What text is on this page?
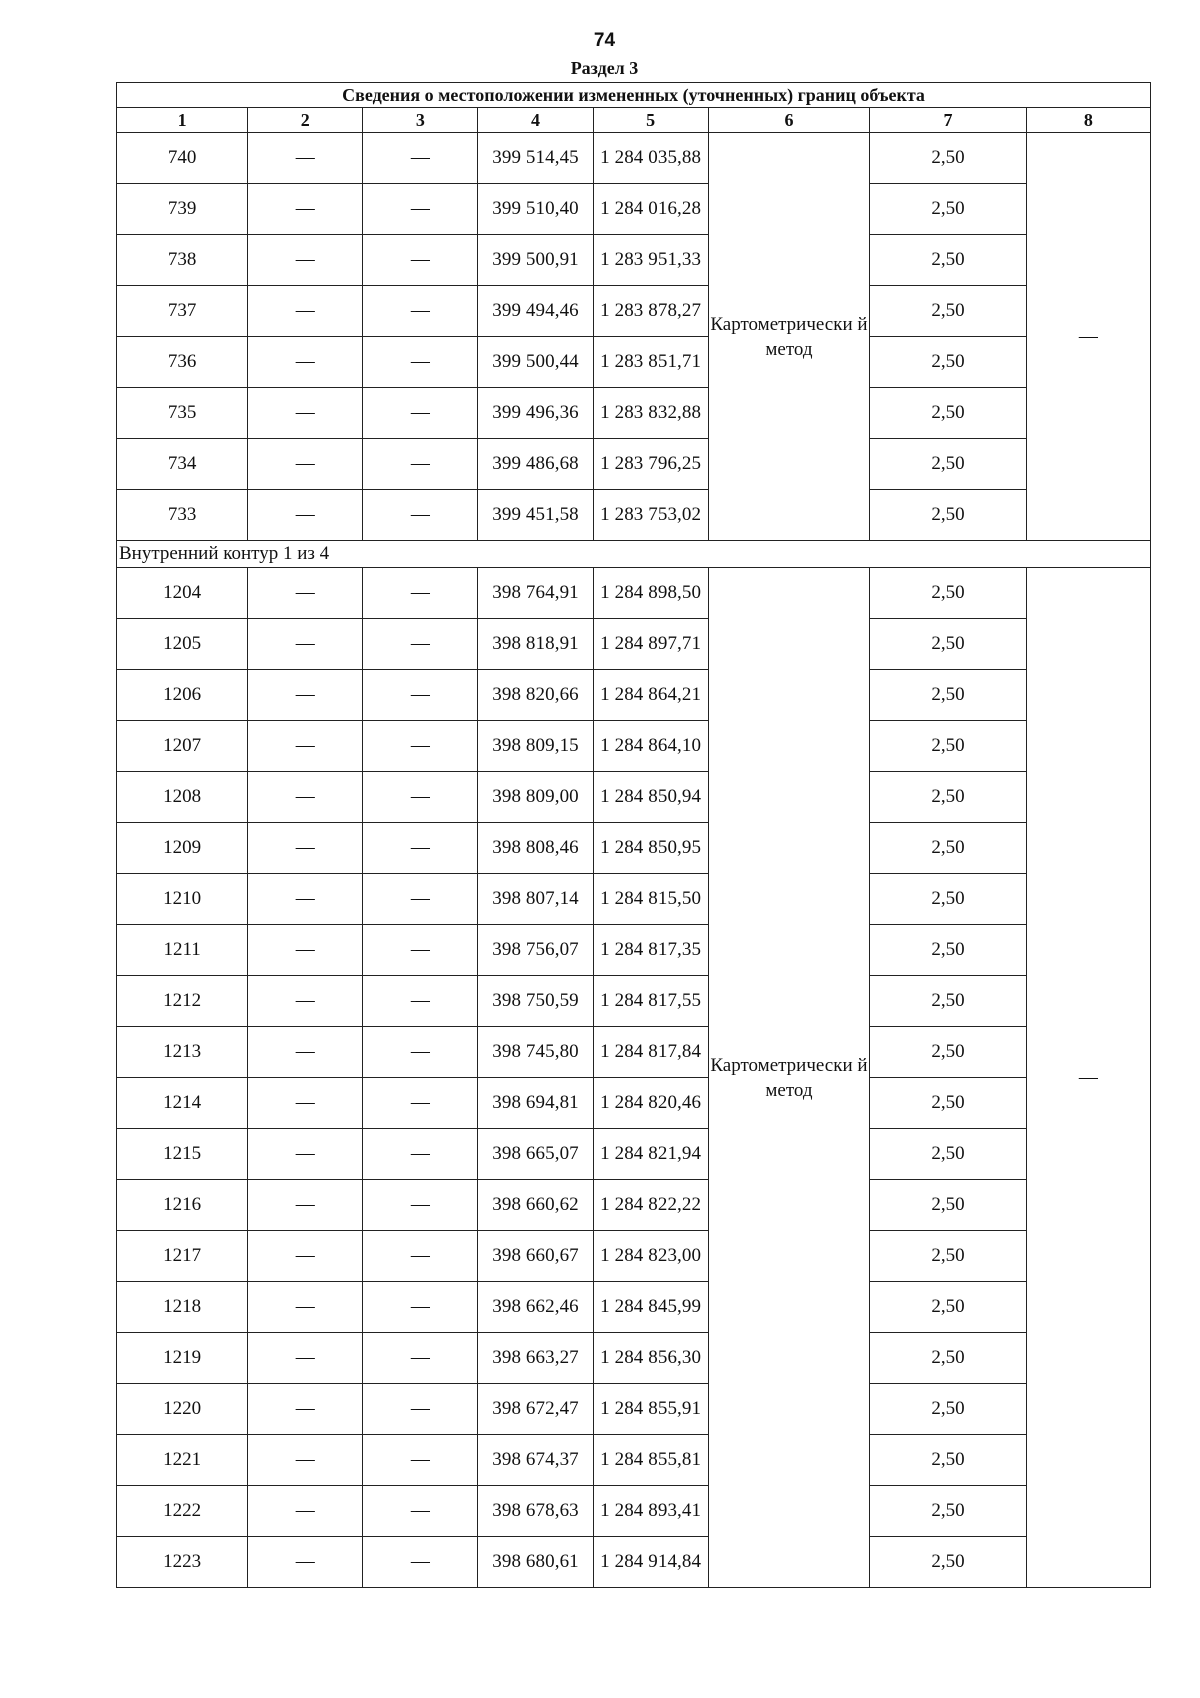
74
Раздел 3
Сведения о местоположении измененных (уточненных) границ объекта							
1	2	3	4	5	6	7	8
740	—	—	399 514,45	1 284 035,88	Картометрически й метод	2,50	—
739	—	—	399 510,40	1 284 016,28		2,50	
738	—	—	399 500,91	1 283 951,33		2,50	
737	—	—	399 494,46	1 283 878,27		2,50	
736	—	—	399 500,44	1 283 851,71		2,50	
735	—	—	399 496,36	1 283 832,88		2,50	
734	—	—	399 486,68	1 283 796,25		2,50	
733	—	—	399 451,58	1 283 753,02		2,50	
Внутренний контур 1 из 4							
1204	—	—	398 764,91	1 284 898,50	Картометрически й метод	2,50	—
1205	—	—	398 818,91	1 284 897,71		2,50	
1206	—	—	398 820,66	1 284 864,21		2,50	
1207	—	—	398 809,15	1 284 864,10		2,50	
1208	—	—	398 809,00	1 284 850,94		2,50	
1209	—	—	398 808,46	1 284 850,95		2,50	
1210	—	—	398 807,14	1 284 815,50		2,50	
1211	—	—	398 756,07	1 284 817,35		2,50	
1212	—	—	398 750,59	1 284 817,55		2,50	
1213	—	—	398 745,80	1 284 817,84		2,50	
1214	—	—	398 694,81	1 284 820,46		2,50	
1215	—	—	398 665,07	1 284 821,94		2,50	
1216	—	—	398 660,62	1 284 822,22		2,50	
1217	—	—	398 660,67	1 284 823,00		2,50	
1218	—	—	398 662,46	1 284 845,99		2,50	
1219	—	—	398 663,27	1 284 856,30		2,50	
1220	—	—	398 672,47	1 284 855,91		2,50	
1221	—	—	398 674,37	1 284 855,81		2,50	
1222	—	—	398 678,63	1 284 893,41		2,50	
1223	—	—	398 680,61	1 284 914,84		2,50	
